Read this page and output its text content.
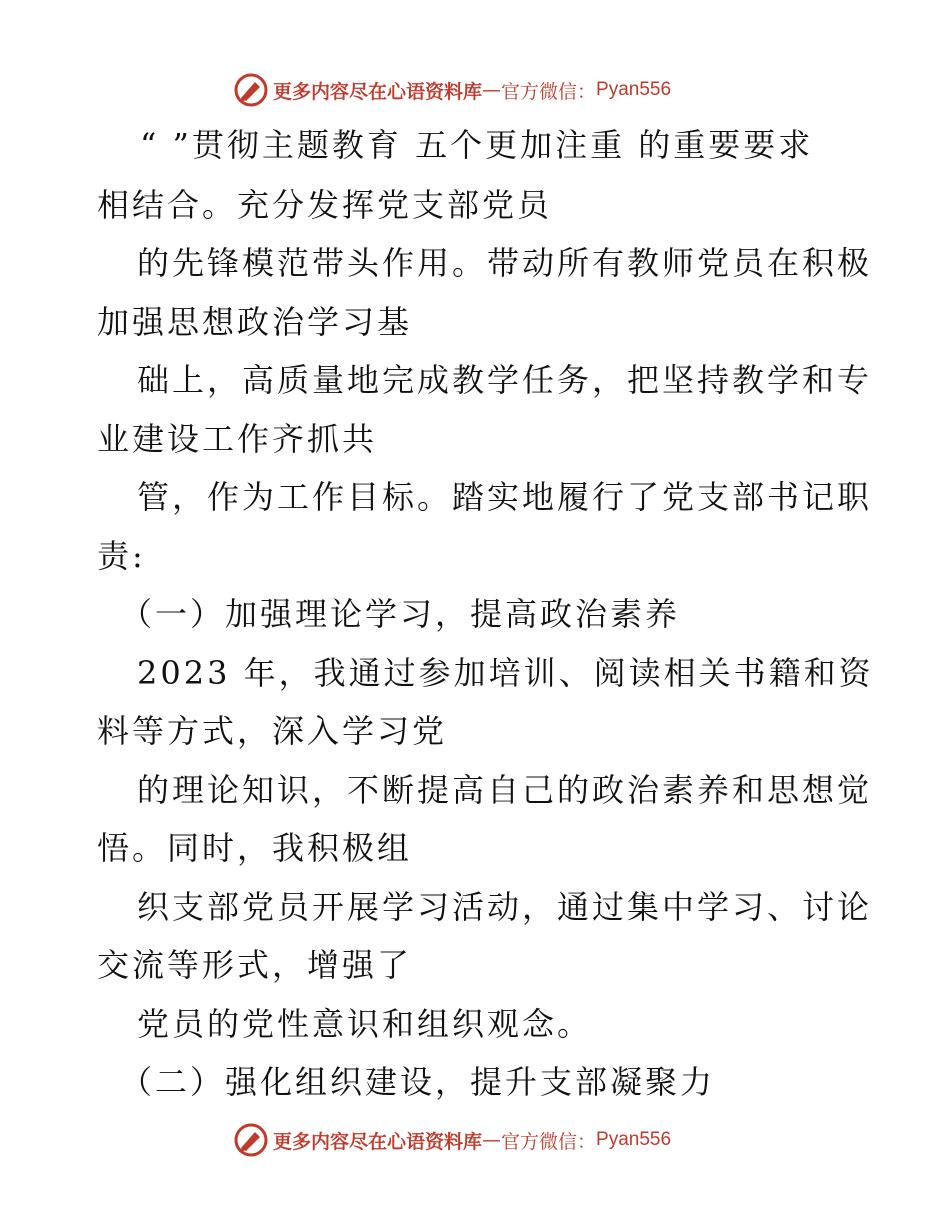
更多内容尽在心语资料库 — 官方微信： Pyan556
“ ”贯彻主题教育 五个更加注重 的重要要求
相结合。充分发挥党支部党员
的先锋模范带头作用。带动所有教师党员在积极
加强思想政治学习基
础上，高质量地完成教学任务，把坚持教学和专
业建设工作齐抓共
管，作为工作目标。踏实地履行了党支部书记职
责:
（一）加强理论学习，提高政治素养
2023 年，我通过参加培训、阅读相关书籍和资
料等方式，深入学习党
的理论知识，不断提高自己的政治素养和思想觉
悟。同时，我积极组
织支部党员开展学习活动，通过集中学习、讨论
交流等形式，增强了
党员的党性意识和组织观念。
（二）强化组织建设，提升支部凝聚力
更多内容尽在心语资料库 — 官方微信： Pyan556
